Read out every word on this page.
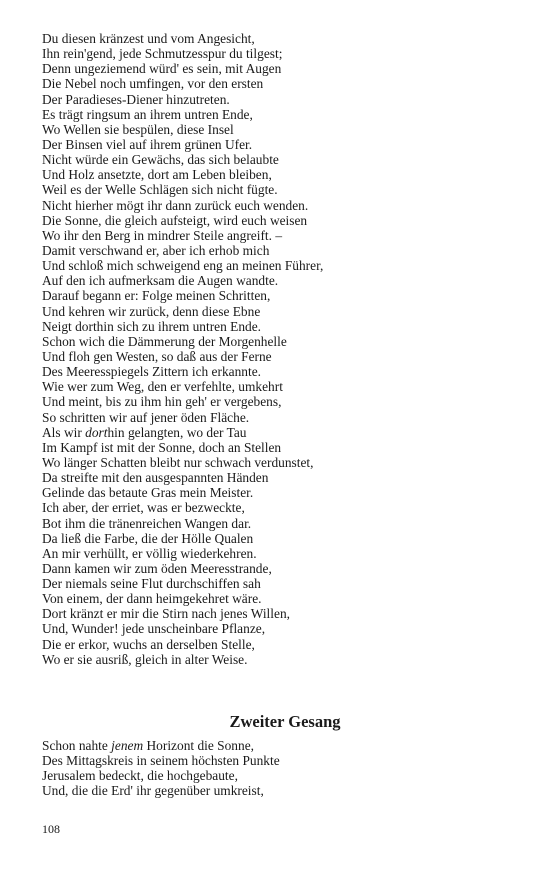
Du diesen kränzest und vom Angesicht,
Ihn rein'gend, jede Schmutzesspur du tilgest;
Denn ungeziemend würd' es sein, mit Augen
Die Nebel noch umfingen, vor den ersten
Der Paradieses-Diener hinzutreten.
Es trägt ringsum an ihrem untren Ende,
Wo Wellen sie bespülen, diese Insel
Der Binsen viel auf ihrem grünen Ufer.
Nicht würde ein Gewächs, das sich belaubte
Und Holz ansetzte, dort am Leben bleiben,
Weil es der Welle Schlägen sich nicht fügte.
Nicht hierher mögt ihr dann zurück euch wenden.
Die Sonne, die gleich aufsteigt, wird euch weisen
Wo ihr den Berg in mindrer Steile angreift. –
Damit verschwand er, aber ich erhob mich
Und schloß mich schweigend eng an meinen Führer,
Auf den ich aufmerksam die Augen wandte.
Darauf begann er: Folge meinen Schritten,
Und kehren wir zurück, denn diese Ebne
Neigt dorthin sich zu ihrem untren Ende.
Schon wich die Dämmerung der Morgenhelle
Und floh gen Westen, so daß aus der Ferne
Des Meeresspiegels Zittern ich erkannte.
Wie wer zum Weg, den er verfehlte, umkehrt
Und meint, bis zu ihm hin geh' er vergebens,
So schritten wir auf jener öden Fläche.
Als wir dorthin gelangten, wo der Tau
Im Kampf ist mit der Sonne, doch an Stellen
Wo länger Schatten bleibt nur schwach verdunstet,
Da streifte mit den ausgespannten Händen
Gelinde das betaute Gras mein Meister.
Ich aber, der erriet, was er bezweckte,
Bot ihm die tränenreichen Wangen dar.
Da ließ die Farbe, die der Hölle Qualen
An mir verhüllt, er völlig wiederkehren.
Dann kamen wir zum öden Meeresstrande,
Der niemals seine Flut durchschiffen sah
Von einem, der dann heimgekehret wäre.
Dort kränzt er mir die Stirn nach jenes Willen,
Und, Wunder! jede unscheinbare Pflanze,
Die er erkor, wuchs an derselben Stelle,
Wo er sie ausriß, gleich in alter Weise.
Zweiter Gesang
Schon nahte jenem Horizont die Sonne,
Des Mittagskreis in seinem höchsten Punkte
Jerusalem bedeckt, die hochgebaute,
Und, die die Erd' ihr gegenüber umkreist,
108
